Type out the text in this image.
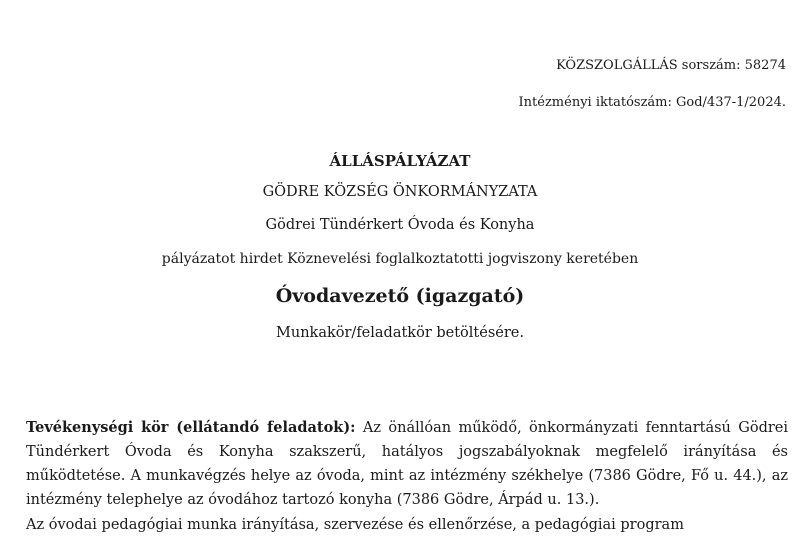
KÖZSZOLGÁLLÁS sorszám: 58274
Intézményi iktatószám: God/437-1/2024.
ÁLLÁSPÁLYÁZAT
GÖDRE KÖZSÉG ÖNKORMÁNYZATA
Gödrei Tündérkert Óvoda és Konyha
pályázatot hirdet Köznevelési foglalkoztatotti jogviszony keretében
Óvodavezető (igazgató)
Munkakör/feladatkör betöltésére.

Tevékenységi kör (ellátandó feladatok): Az önállóan működő, önkormányzati fenntartású Gödrei Tündérkert Óvoda és Konyha szakszerű, hatályos jogszabályoknak megfelelő irányítása és működtetése. A munkavégzés helye az óvoda, mint az intézmény székhelye (7386 Gödre, Fő u. 44.), az intézmény telephelye az óvodához tartozó konyha (7386 Gödre, Árpád u. 13.).

Az óvodai pedagógiai munka irányítása, szervezése és ellenőrzése, a pedagógiai program
